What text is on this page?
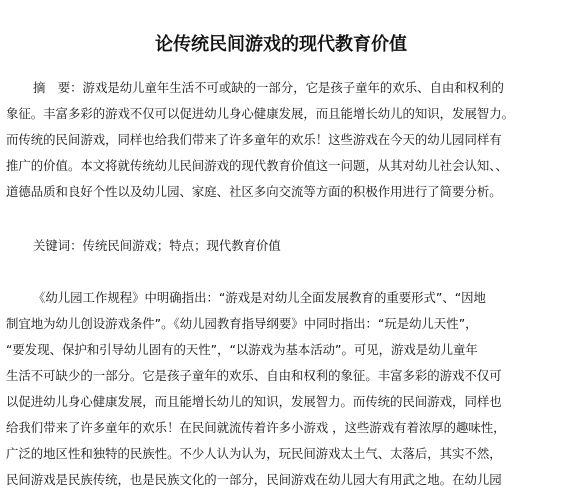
论传统民间游戏的现代教育价值
摘　要：游戏是幼儿童年生活不可或缺的一部分，它是孩子童年的欢乐、自由和权利的
象征。丰富多彩的游戏不仅可以促进幼儿身心健康发展，而且能增长幼儿的知识，发展智力。
而传统的民间游戏，同样也给我们带来了许多童年的欢乐！这些游戏在今天的幼儿园同样有
推广的价值。本文将就传统幼儿民间游戏的现代教育价值这一问题，从其对幼儿社会认知、、
道德品质和良好个性以及幼儿园、家庭、社区多向交流等方面的积极作用进行了简要分析。
关键词：传统民间游戏；特点；现代教育价值
《幼儿园工作规程》中明确指出：“游戏是对幼儿全面发展教育的重要形式”、“因地
制宜地为幼儿创设游戏条件”。《幼儿园教育指导纲要》中同时指出：“玩是幼儿天性”，
“要发现、保护和引导幼儿固有的天性”，“以游戏为基本活动”。可见，游戏是幼儿童年
生活不可缺少的一部分。它是孩子童年的欢乐、自由和权利的象征。丰富多彩的游戏不仅可
以促进幼儿身心健康发展，而且能增长幼儿的知识，发展智力。而传统的民间游戏，同样也
给我们带来了许多童年的欢乐！在民间就流传着许多小游戏 ，这些游戏有着浓厚的趣味性，
广泛的地区性和独特的民族性。不少人认为认为，玩民间游戏太土气、太落后，其实不然，
民间游戏是民族传统，也是民族文化的一部分，民间游戏在幼儿园大有用武之地。在幼儿园
